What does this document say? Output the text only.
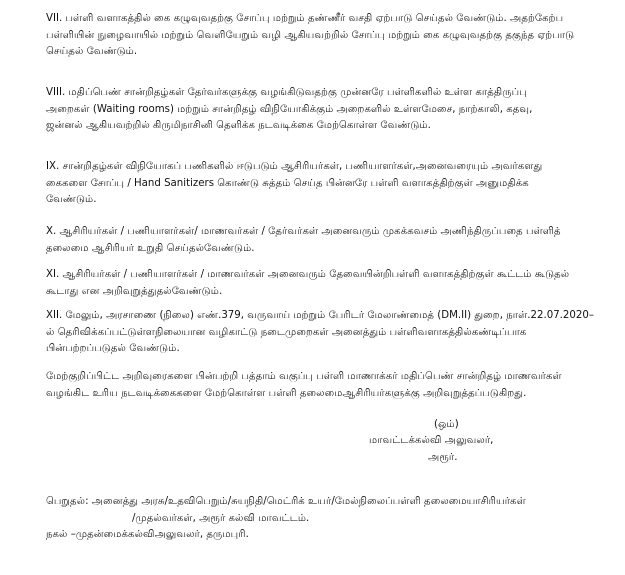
VII. பள்ளி வளாகத்தில் கை கழுவுவதற்கு சோப்பு மற்றும் தண்ணீர் வசதி ஏற்பாடு செய்தல் வேண்டும். அதற்கேற்ப
பள்ளியின் நுழைவாயில் மற்றும் வெளியேறும் வழி ஆகியவற்றில் சோப்பு மற்றும் கை கழுவுவதற்கு தகுந்த ஏற்பாடு
செய்தல் வேண்டும்.

VIII. மதிப்பெண் சான்றிதழ்கள் தேர்வர்களுக்கு வழங்கிடுவதற்கு முன்னரே பள்ளிகளில் உள்ள காத்திருப்பு
அறைகள் (Waiting rooms) மற்றும் சான்றிதழ் விநியோகிக்கும் அறைகளில் உள்ளமேசை, நாற்காலி, கதவு,
ஜன்னல் ஆகியவற்றில் கிருமிநாசினி தெளிக்க நடவடிக்கை மேற்கொள்ள வேண்டும்.

IX. சான்றிதழ்கள் விநியோகப் பணிகளில் ஈடுபடும் ஆசிரியர்கள், பணியாளர்கள்,அனைவரையும் அவர்களது
கைகளை சோப்பு / Hand Sanitizers கொண்டு சுத்தம் செய்த பின்னரே பள்ளி வளாகத்திற்குள் அனுமதிக்க
வேண்டும்.

X. ஆசிரியர்கள் / பணியாளர்கள்/ மாணவர்கள் / தேர்வர்கள் அனைவரும் முகக்கவசம் அணிந்திருப்பதை பள்ளித்
தலைமை ஆசிரியர் உறுதி செய்தல்வேண்டும்.

XI. ஆசிரியர்கள் / பணியாளர்கள் / மாணவர்கள் அனைவரும் தேவையின்றிபள்ளி வளாகத்திற்குள் கூட்டம் கூடுதல்
கூடாது என அறிவுறுத்துதல்வேண்டும்.

XII. மேலும், அரசாணை (நிலை) எண்.379, வருவாய் மற்றும் பேரிடர் மேலாண்மைத் (DM.II) துறை, நாள்.22.07.2020–
ல் தெரிவிக்கப்பட்டுள்ளநிலையான வழிகாட்டு நடைமுறைகள் அனைத்தும் பள்ளிவளாகத்தில்கண்டிப்பாக
பின்பற்றப்படுதல் வேண்டும்.

மேற்குறிப்பிட்ட அறிவுரைகளை பின்பற்றி பத்தாம் வகுப்பு பள்ளி மாணாக்கர் மதிப்பெண் சான்றிதழ் மாணவர்கள்
வழங்கிட உரிய நடவடிக்கைகளை மேற்கொள்ள பள்ளி தலைமைஆசிரியர்களுக்கு அறிவுறுத்தப்படுகிறது.

(ஒம்)
மாவட்டக்கல்வி அலுவலர்,
அரூர்.

பெறுதல்: அனைத்து அரசு/உதவிபெறும்/சுயநிதி/மெட்ரிக் உயர்/மேல்நிலைப்பள்ளி தலைமையாசிரியர்கள்
/முதல்வர்கள், அரூர் கல்வி மாவட்டம்.
நகல் –முதன்மைக்கல்விஅலுவலர், தருமபுரி.
